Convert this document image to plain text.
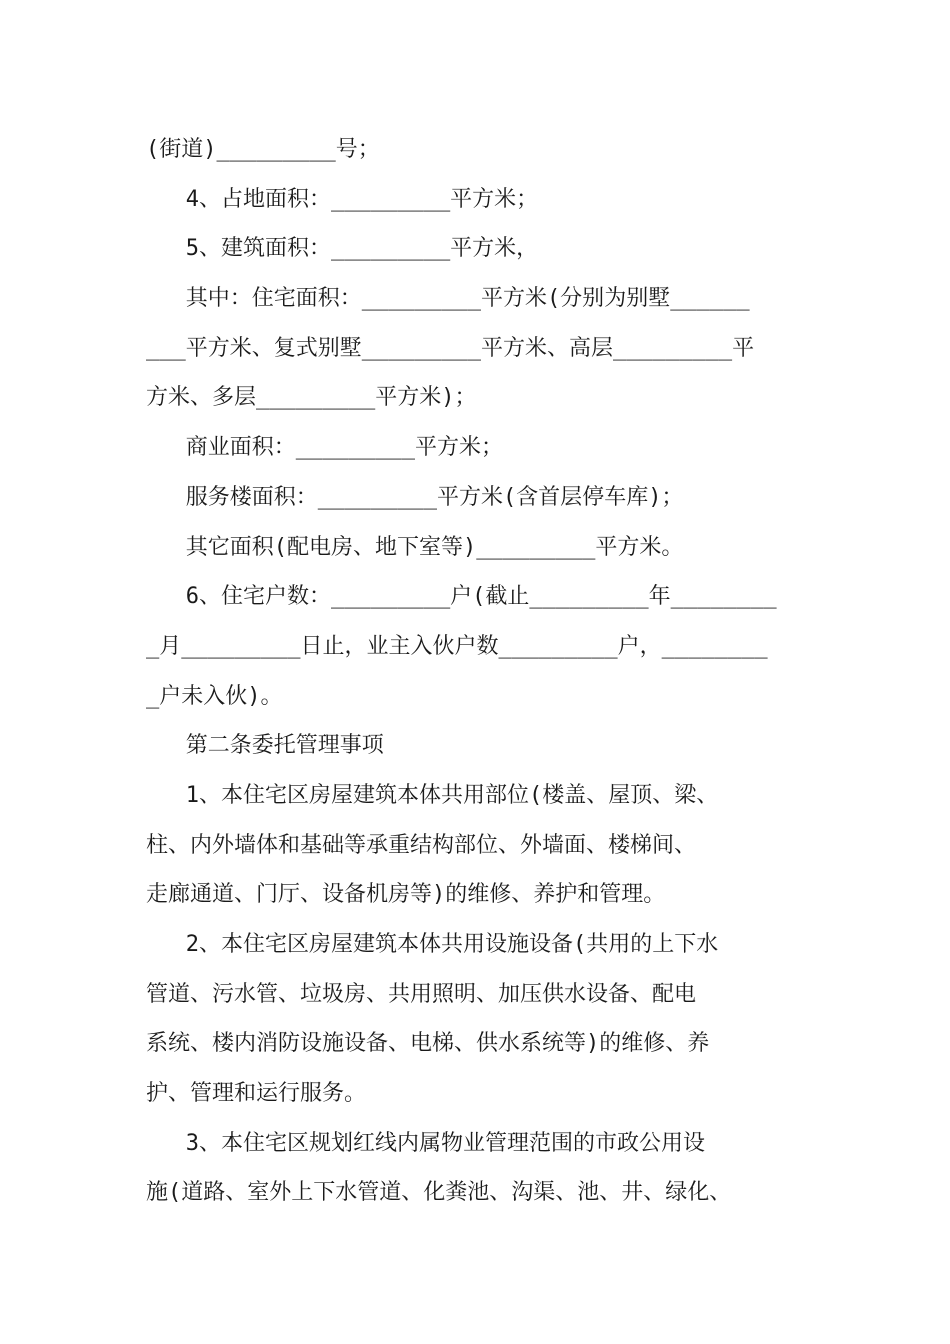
(街道)_________号；
4、占地面积：_________平方米；
5、建筑面积：_________平方米，
其中：住宅面积：_________平方米(分别为别墅______
___平方米、复式别墅_________平方米、高层_________平
方米、多层_________平方米)；
商业面积：_________平方米；
服务楼面积：_________平方米(含首层停车库)；
其它面积(配电房、地下室等)_________平方米。
6、住宅户数：_________户(截止_________年________
_月_________日止，业主入伙户数_________户，________
_户未入伙)。
第二条委托管理事项
1、本住宅区房屋建筑本体共用部位(楼盖、屋顶、梁、
柱、内外墙体和基础等承重结构部位、外墙面、楼梯间、
走廊通道、门厅、设备机房等)的维修、养护和管理。
2、本住宅区房屋建筑本体共用设施设备(共用的上下水
管道、污水管、垃圾房、共用照明、加压供水设备、配电
系统、楼内消防设施设备、电梯、供水系统等)的维修、养
护、管理和运行服务。
3、本住宅区规划红线内属物业管理范围的市政公用设
施(道路、室外上下水管道、化粪池、沟渠、池、井、绿化、
